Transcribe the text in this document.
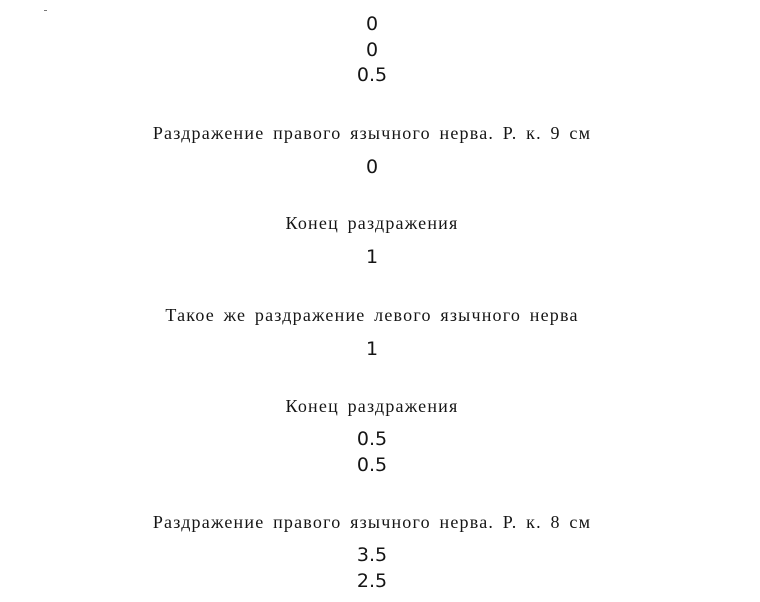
0

0

0.5

Раздражение правого язычного нерва. Р. к. 9 см

0

Конец раздражения

1

Такое же раздражение левого язычного нерва

1

Конец раздражения

0.5

0.5

Раздражение правого язычного нерва. Р. к. 8 см

3.5

2.5
